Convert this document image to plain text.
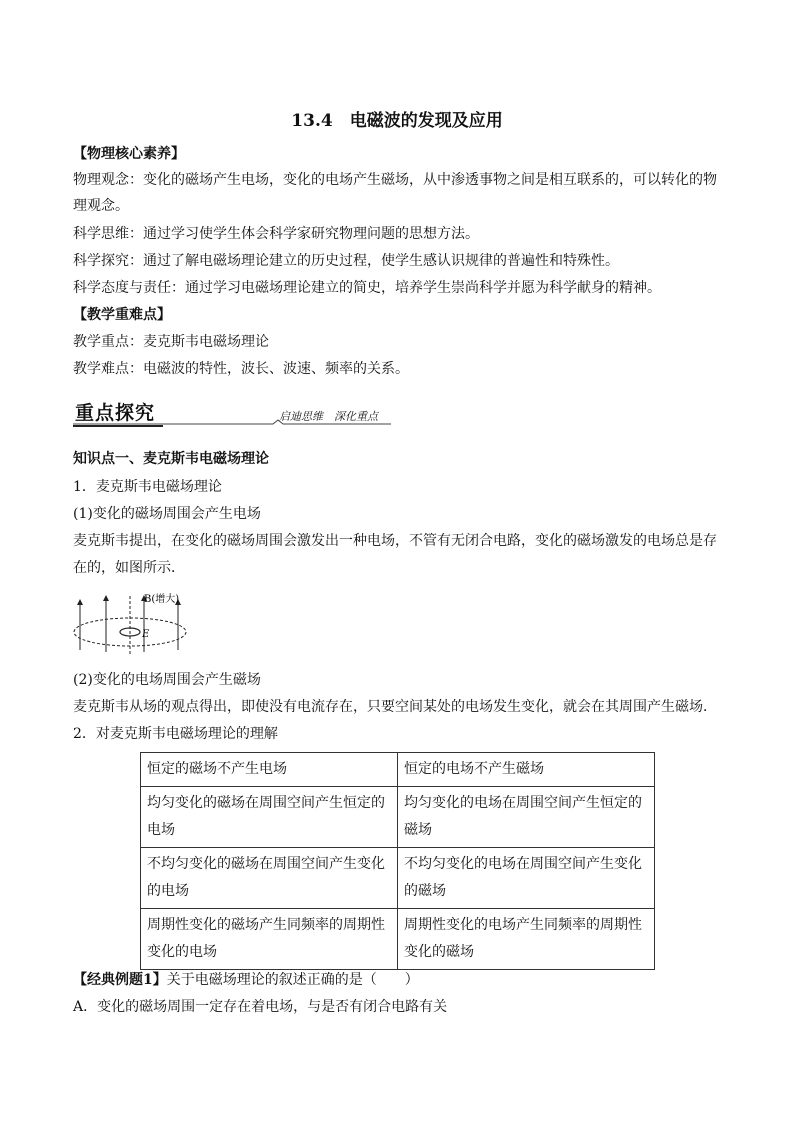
13.4　电磁波的发现及应用
【物理核心素养】
物理观念：变化的磁场产生电场，变化的电场产生磁场，从中渗透事物之间是相互联系的，可以转化的物
理观念。
科学思维：通过学习使学生体会科学家研究物理问题的思想方法。
科学探究：通过了解电磁场理论建立的历史过程，使学生感认识规律的普遍性和特殊性。
科学态度与责任：通过学习电磁场理论建立的简史，培养学生崇尚科学并愿为科学献身的精神。
【教学重难点】
教学重点：麦克斯韦电磁场理论
教学难点：电磁波的特性，波长、波速、频率的关系。
重点探究	启迪思维　深化重点
知识点一、麦克斯韦电磁场理论
1．麦克斯韦电磁场理论
(1)变化的磁场周围会产生电场
麦克斯韦提出，在变化的磁场周围会激发出一种电场，不管有无闭合电路，变化的磁场激发的电场总是存
在的，如图所示．
B(增大)
E
(2)变化的电场周围会产生磁场
麦克斯韦从场的观点得出，即使没有电流存在，只要空间某处的电场发生变化，就会在其周围产生磁场．
2．对麦克斯韦电磁场理论的理解
恒定的磁场不产生电场	恒定的电场不产生磁场
均匀变化的磁场在周围空间产生恒定的电场	均匀变化的电场在周围空间产生恒定的磁场
不均匀变化的磁场在周围空间产生变化的电场	不均匀变化的电场在周围空间产生变化的磁场
周期性变化的磁场产生同频率的周期性变化的电场	周期性变化的电场产生同频率的周期性变化的磁场
【经典例题1】关于电磁场理论的叙述正确的是（　　）
A．变化的磁场周围一定存在着电场，与是否有闭合电路有关
